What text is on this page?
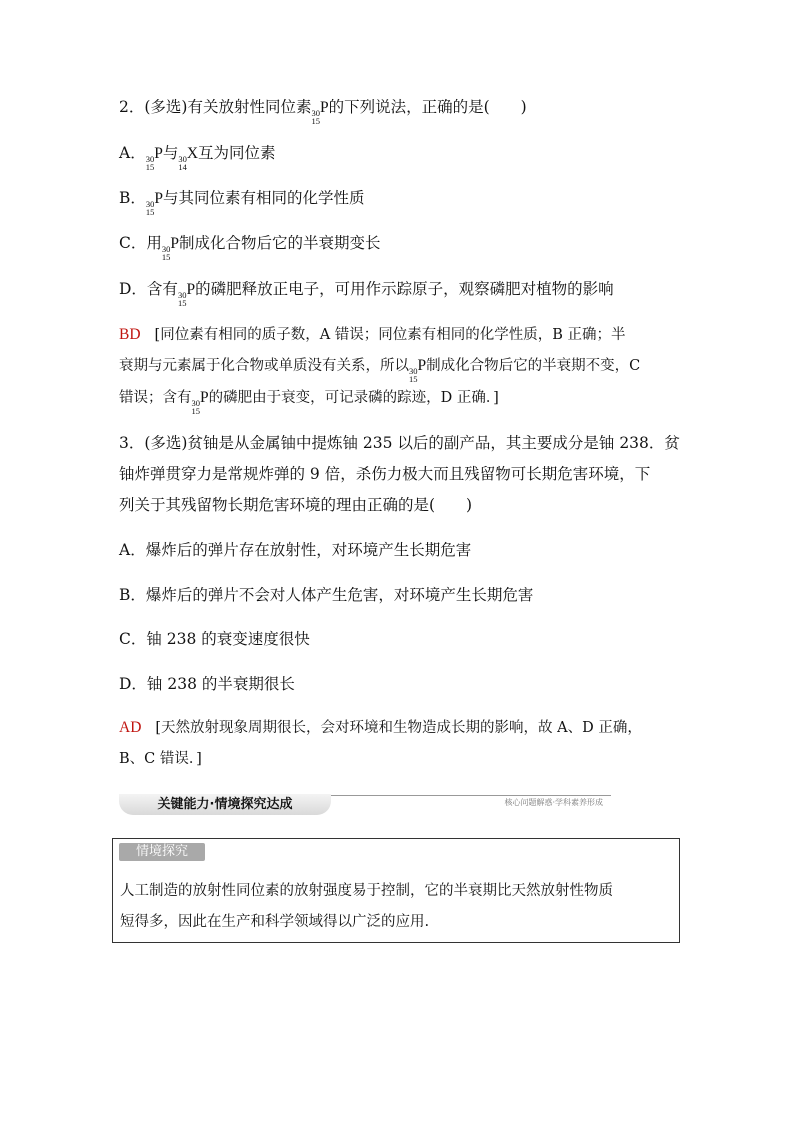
2．(多选)有关放射性同位素 30
15
P的下列说法，正确的是(　　)
A． 30
15
P与 30
14
X互为同位素
B． 30
15
P与其同位素有相同的化学性质
C．用 30
15
P制成化合物后它的半衰期变长
D．含有 30
15
P的磷肥释放正电子，可用作示踪原子，观察磷肥对植物的影响
BD [同位素有相同的质子数，A 错误；同位素有相同的化学性质，B 正确；半
衰期与元素属于化合物或单质没有关系，所以 30
15
P制成化合物后它的半衰期不变，C
错误；含有 30
15
P的磷肥由于衰变，可记录磷的踪迹，D 正确．]
3．(多选)贫铀是从金属铀中提炼铀 235 以后的副产品，其主要成分是铀 238．贫
铀炸弹贯穿力是常规炸弹的 9 倍，杀伤力极大而且残留物可长期危害环境，下
列关于其残留物长期危害环境的理由正确的是(　　)
A．爆炸后的弹片存在放射性，对环境产生长期危害
B．爆炸后的弹片不会对人体产生危害，对环境产生长期危害
C．铀 238 的衰变速度很快
D．铀 238 的半衰期很长
AD [天然放射现象周期很长，会对环境和生物造成长期的影响，故 A、D 正确，
B、C 错误．]
关键能力·情境探究达成	核心问题解惑·学科素养形成
情境探究
人工制造的放射性同位素的放射强度易于控制，它的半衰期比天然放射性物质
短得多，因此在生产和科学领域得以广泛的应用.
